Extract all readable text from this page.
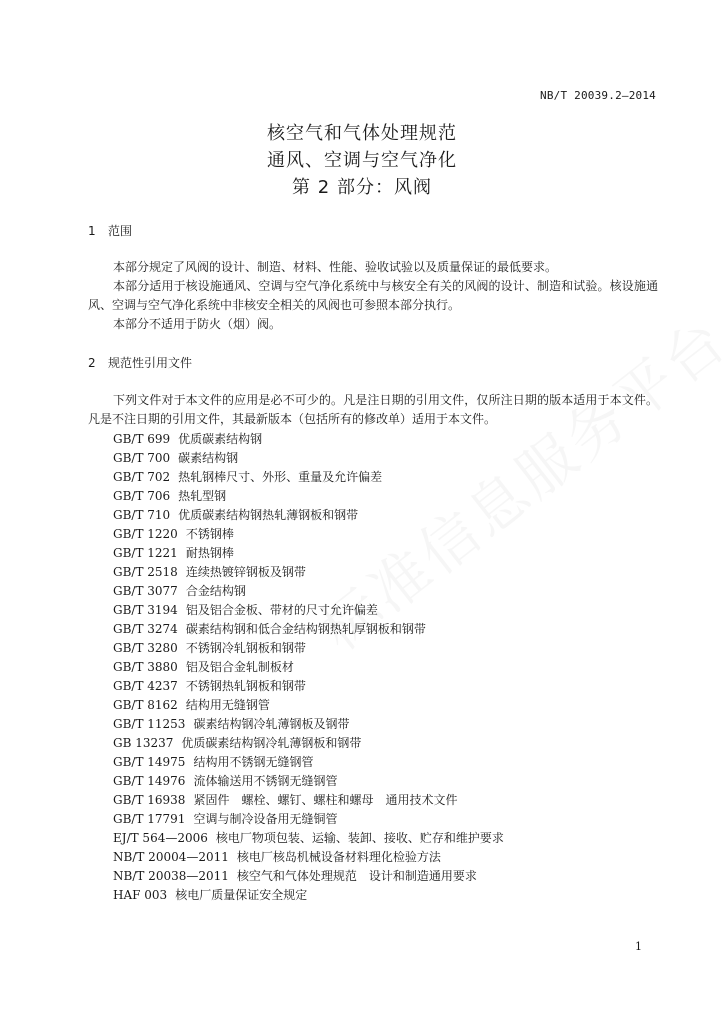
NB/T 20039.2—2014
核空气和气体处理规范
通风、空调与空气净化
第 2 部分：风阀
1 范围

本部分规定了风阀的设计、制造、材料、性能、验收试验以及质量保证的最低要求。

本部分适用于核设施通风、空调与空气净化系统中与核安全有关的风阀的设计、制造和试验。核设施通风、空调与空气净化系统中非核安全相关的风阀也可参照本部分执行。

本部分不适用于防火（烟）阀。

2 规范性引用文件

下列文件对于本文件的应用是必不可少的。凡是注日期的引用文件，仅所注日期的版本适用于本文件。凡是不注日期的引用文件，其最新版本（包括所有的修改单）适用于本文件。

GB/T 699 优质碳素结构钢
GB/T 700 碳素结构钢
GB/T 702 热轧钢棒尺寸、外形、重量及允许偏差
GB/T 706 热轧型钢
GB/T 710 优质碳素结构钢热轧薄钢板和钢带
GB/T 1220 不锈钢棒
GB/T 1221 耐热钢棒
GB/T 2518 连续热镀锌钢板及钢带
GB/T 3077 合金结构钢
GB/T 3194 铝及铝合金板、带材的尺寸允许偏差
GB/T 3274 碳素结构钢和低合金结构钢热轧厚钢板和钢带
GB/T 3280 不锈钢冷轧钢板和钢带
GB/T 3880 铝及铝合金轧制板材
GB/T 4237 不锈钢热轧钢板和钢带
GB/T 8162 结构用无缝钢管
GB/T 11253 碳素结构钢冷轧薄钢板及钢带
GB 13237 优质碳素结构钢冷轧薄钢板和钢带
GB/T 14975 结构用不锈钢无缝钢管
GB/T 14976 流体输送用不锈钢无缝钢管
GB/T 16938 紧固件　螺栓、螺钉、螺柱和螺母　通用技术文件
GB/T 17791 空调与制冷设备用无缝铜管
EJ/T 564—2006 核电厂物项包装、运输、装卸、接收、贮存和维护要求
NB/T 20004—2011 核电厂核岛机械设备材料理化检验方法
NB/T 20038—2011 核空气和气体处理规范　设计和制造通用要求
HAF 003 核电厂质量保证安全规定
1
